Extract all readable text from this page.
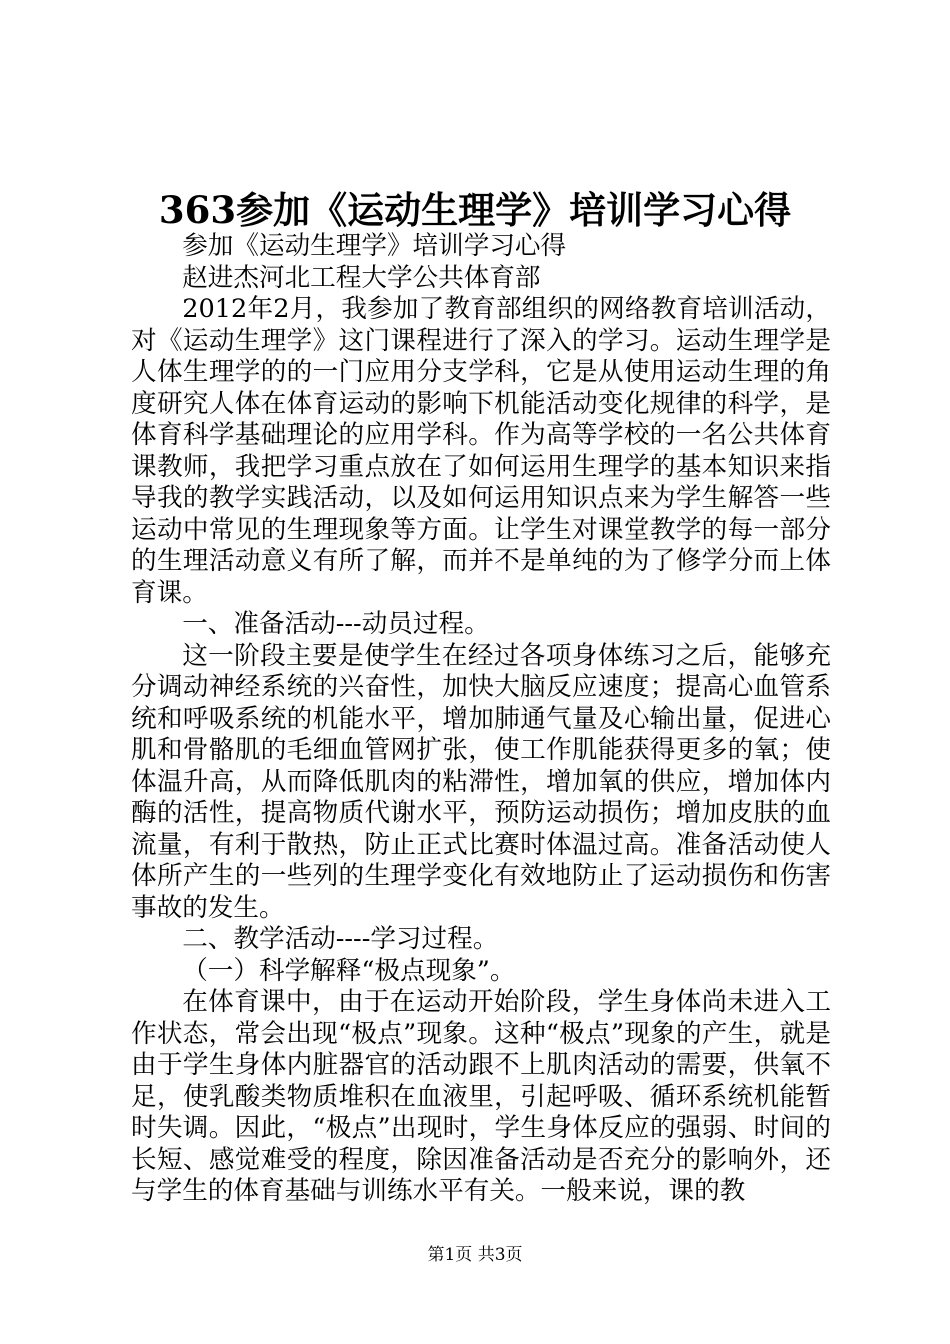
363参加《运动生理学》培训学习心得

参加《运动生理学》培训学习心得

赵进杰河北工程大学公共体育部

2012年2月，我参加了教育部组织的网络教育培训活动，对《运动生理学》这门课程进行了深入的学习。运动生理学是人体生理学的的一门应用分支学科，它是从使用运动生理的角度研究人体在体育运动的影响下机能活动变化规律的科学，是体育科学基础理论的应用学科。作为高等学校的一名公共体育课教师，我把学习重点放在了如何运用生理学的基本知识来指导我的教学实践活动，以及如何运用知识点来为学生解答一些运动中常见的生理现象等方面。让学生对课堂教学的每一部分的生理活动意义有所了解，而并不是单纯的为了修学分而上体育课。

一、准备活动---动员过程。

这一阶段主要是使学生在经过各项身体练习之后，能够充分调动神经系统的兴奋性，加快大脑反应速度；提高心血管系统和呼吸系统的机能水平，增加肺通气量及心输出量，促进心肌和骨骼肌的毛细血管网扩张，使工作肌能获得更多的氧；使体温升高，从而降低肌肉的粘滞性，增加氧的供应，增加体内酶的活性，提高物质代谢水平，预防运动损伤；增加皮肤的血流量，有利于散热，防止正式比赛时体温过高。准备活动使人体所产生的一些列的生理学变化有效地防止了运动损伤和伤害事故的发生。

二、教学活动----学习过程。

（一）科学解释“极点现象”。

在体育课中，由于在运动开始阶段，学生身体尚未进入工作状态，常会出现“极点”现象。这种“极点”现象的产生，就是由于学生身体内脏器官的活动跟不上肌肉活动的需要，供氧不足，使乳酸类物质堆积在血液里，引起呼吸、循环系统机能暂时失调。因此，“极点”出现时，学生身体反应的强弱、时间的长短、感觉难受的程度，除因准备活动是否充分的影响外，还与学生的体育基础与训练水平有关。一般来说，课的教

第1页 共3页
